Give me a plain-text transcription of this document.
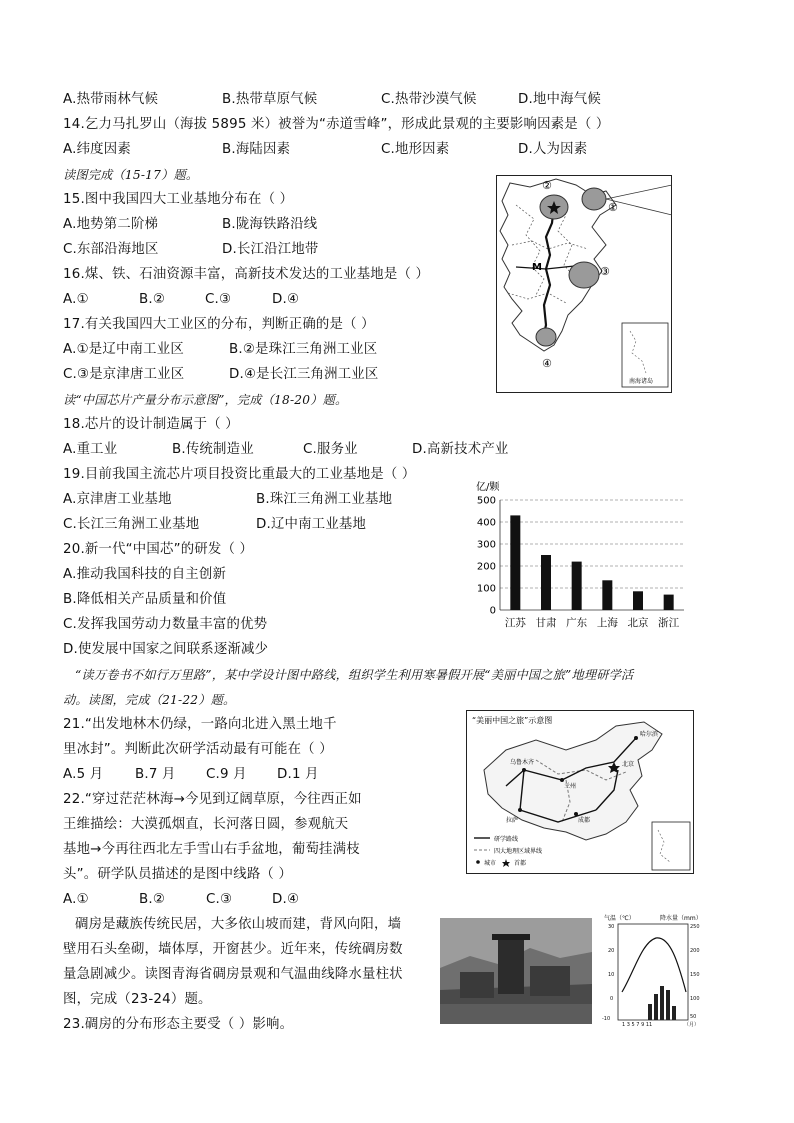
A.热带雨林气候	B.热带草原气候	C.热带沙漠气候	D.地中海气候
14.乞力马扎罗山（海拔 5895 米）被誉为“赤道雪峰”，形成此景观的主要影响因素是（ ）
A.纬度因素	B.海陆因素	C.地形因素	D.人为因素
读图完成（15-17）题。
15.图中我国四大工业基地分布在（ ）
A.地势第二阶梯	B.陇海铁路沿线
C.东部沿海地区	D.长江沿江地带
16.煤、铁、石油资源丰富，高新技术发达的工业基地是（ ）
A.①	B.②	C.③	D.④
17.有关我国四大工业区的分布，判断正确的是（ ）
A.①是辽中南工业区	B.②是珠江三角洲工业区
C.③是京津唐工业区	D.④是长江三角洲工业区
读“中国芯片产量分布示意图”，完成（18-20）题。
18.芯片的设计制造属于（ ）
A.重工业	B.传统制造业	C.服务业	D.高新技术产业
19.目前我国主流芯片项目投资比重最大的工业基地是（ ）
A.京津唐工业基地	B.珠江三角洲工业基地
C.长江三角洲工业基地	D.辽中南工业基地
20.新一代“中国芯”的研发（ ）
A.推动我国科技的自主创新
B.降低相关产品质量和价值
C.发挥我国劳动力数量丰富的优势
D.使发展中国家之间联系逐渐减少
“读万卷书不如行万里路”，某中学设计图中路线，组织学生利用寒暑假开展“美丽中国之旅”地理研学活
动。读图，完成（21-22）题。
21.“出发地林木仍绿，一路向北进入黑土地千
里冰封”。判断此次研学活动最有可能在（ ）
A.5 月 B.7 月 C.9 月 D.1 月
22.“穿过茫茫林海→今见到辽阔草原，今往西正如
王维描绘：大漠孤烟直，长河落日圆，参观航天
基地→今再往西北左手雪山右手盆地，葡萄挂满枝
头”。研学队员描述的是图中线路（ ）
A.①	B.②	C.③	D.④
碉房是藏族传统民居，大多依山坡而建，背风向阳，墙
壁用石头垒砌，墙体厚，开窗甚少。近年来，传统碉房数
量急剧减少。读图青海省碉房景观和气温曲线降水量柱状
图，完成（23-24）题。
23.碉房的分布形态主要受（ ）影响。
②
①
③
④
M
南海诸岛
亿/颗
0
100
200
300
400
500
江苏 甘肃 广东 上海 北京 浙江
“美丽中国之旅”示意图
哈尔滨
乌鲁木齐
兰州
拉萨	成都
北京
研学路线
四大地理区域界线
城市	首都
气温（℃）	降水量（mm）
30
20
10
0
-10
250
200
150
100
50
1 3 5 7 9 11	（月）
